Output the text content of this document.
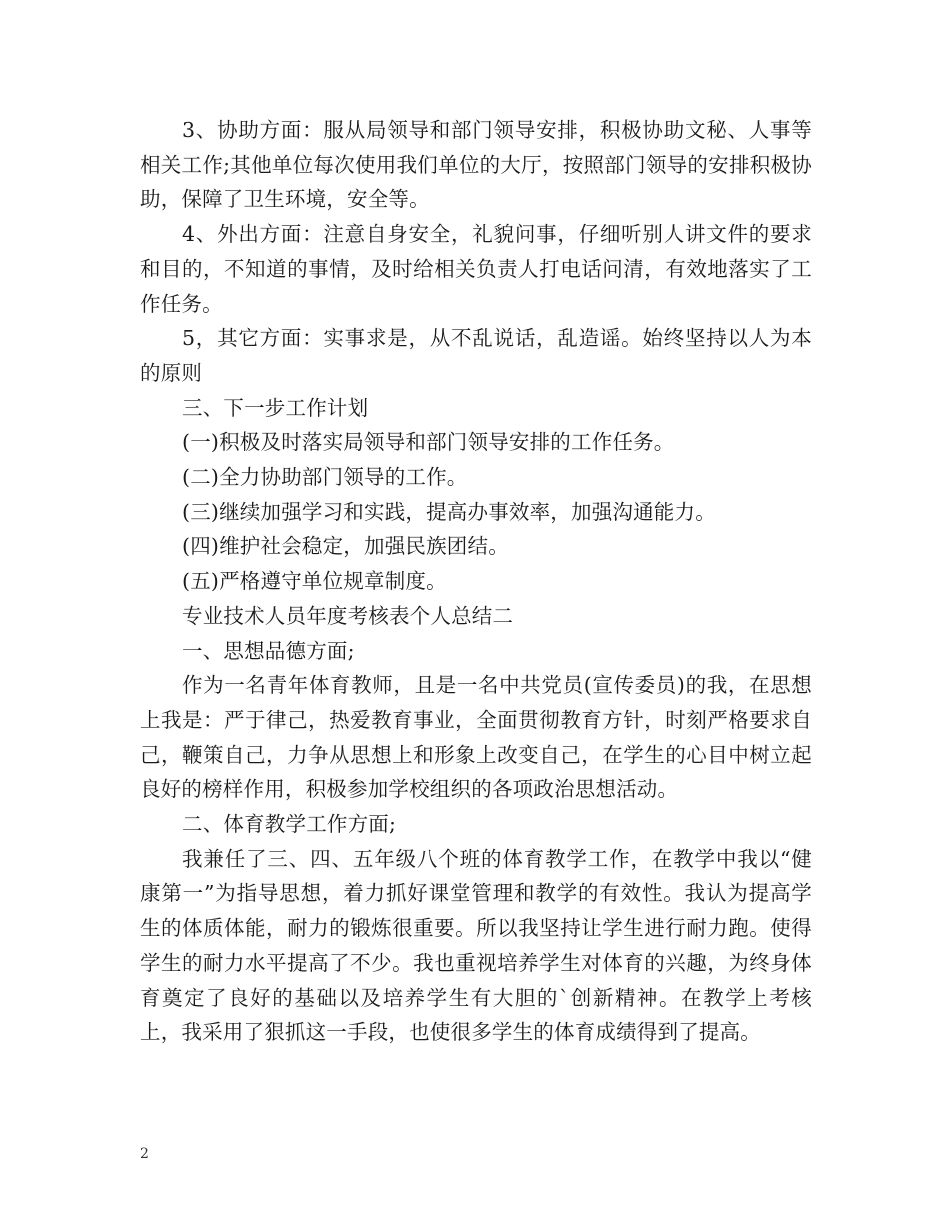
3、协助方面：服从局领导和部门领导安排，积极协助文秘、人事等相关工作;其他单位每次使用我们单位的大厅，按照部门领导的安排积极协助，保障了卫生环境，安全等。

4、外出方面：注意自身安全，礼貌问事，仔细听别人讲文件的要求和目的，不知道的事情，及时给相关负责人打电话问清，有效地落实了工作任务。

5，其它方面：实事求是，从不乱说话，乱造谣。始终坚持以人为本的原则

三、下一步工作计划

(一)积极及时落实局领导和部门领导安排的工作任务。

(二)全力协助部门领导的工作。

(三)继续加强学习和实践，提高办事效率，加强沟通能力。

(四)维护社会稳定，加强民族团结。

(五)严格遵守单位规章制度。

专业技术人员年度考核表个人总结二

一、思想品德方面;

作为一名青年体育教师，且是一名中共党员(宣传委员)的我，在思想上我是：严于律己，热爱教育事业，全面贯彻教育方针，时刻严格要求自己，鞭策自己，力争从思想上和形象上改变自己，在学生的心目中树立起良好的榜样作用，积极参加学校组织的各项政治思想活动。

二、体育教学工作方面;

我兼任了三、四、五年级八个班的体育教学工作，在教学中我以“健康第一”为指导思想，着力抓好课堂管理和教学的有效性。我认为提高学生的体质体能，耐力的锻炼很重要。所以我坚持让学生进行耐力跑。使得学生的耐力水平提高了不少。我也重视培养学生对体育的兴趣，为终身体育奠定了良好的基础以及培养学生有大胆的`创新精神。在教学上考核上，我采用了狠抓这一手段，也使很多学生的体育成绩得到了提高。

2
